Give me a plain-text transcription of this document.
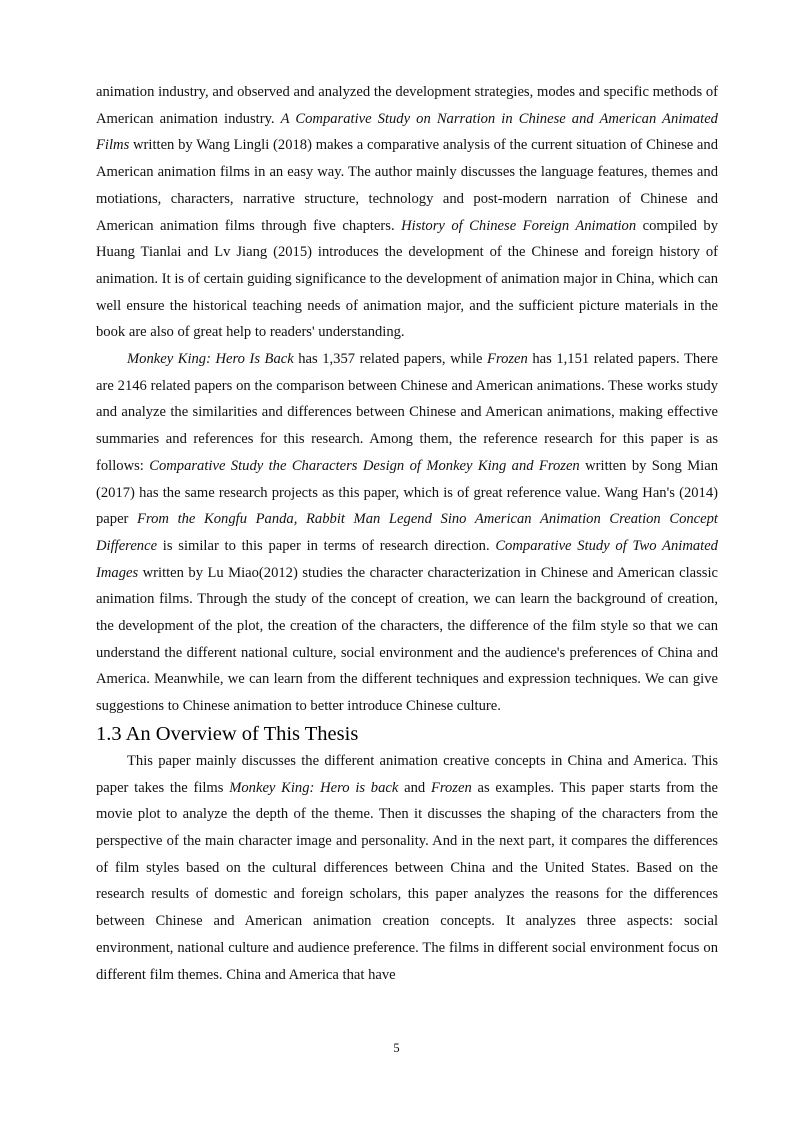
animation industry, and observed and analyzed the development strategies, modes and specific methods of American animation industry. A Comparative Study on Narration in Chinese and American Animated Films written by Wang Lingli (2018) makes a comparative analysis of the current situation of Chinese and American animation films in an easy way. The author mainly discusses the language features, themes and motiations, characters, narrative structure, technology and post-modern narration of Chinese and American animation films through five chapters. History of Chinese Foreign Animation compiled by Huang Tianlai and Lv Jiang (2015) introduces the development of the Chinese and foreign history of animation. It is of certain guiding significance to the development of animation major in China, which can well ensure the historical teaching needs of animation major, and the sufficient picture materials in the book are also of great help to readers' understanding.

Monkey King: Hero Is Back has 1,357 related papers, while Frozen has 1,151 related papers. There are 2146 related papers on the comparison between Chinese and American animations. These works study and analyze the similarities and differences between Chinese and American animations, making effective summaries and references for this research. Among them, the reference research for this paper is as follows: Comparative Study the Characters Design of Monkey King and Frozen written by Song Mian (2017) has the same research projects as this paper, which is of great reference value. Wang Han's (2014) paper From the Kongfu Panda, Rabbit Man Legend Sino American Animation Creation Concept Difference is similar to this paper in terms of research direction. Comparative Study of Two Animated Images written by Lu Miao(2012) studies the character characterization in Chinese and American classic animation films. Through the study of the concept of creation, we can learn the background of creation, the development of the plot, the creation of the characters, the difference of the film style so that we can understand the different national culture, social environment and the audience's preferences of China and America. Meanwhile, we can learn from the different techniques and expression techniques. We can give suggestions to Chinese animation to better introduce Chinese culture.

1.3 An Overview of This Thesis

This paper mainly discusses the different animation creative concepts in China and America. This paper takes the films Monkey King: Hero is back and Frozen as examples. This paper starts from the movie plot to analyze the depth of the theme. Then it discusses the shaping of the characters from the perspective of the main character image and personality. And in the next part, it compares the differences of film styles based on the cultural differences between China and the United States. Based on the research results of domestic and foreign scholars, this paper analyzes the reasons for the differences between Chinese and American animation creation concepts. It analyzes three aspects: social environment, national culture and audience preference. The films in different social environment focus on different film themes. China and America that have

5
